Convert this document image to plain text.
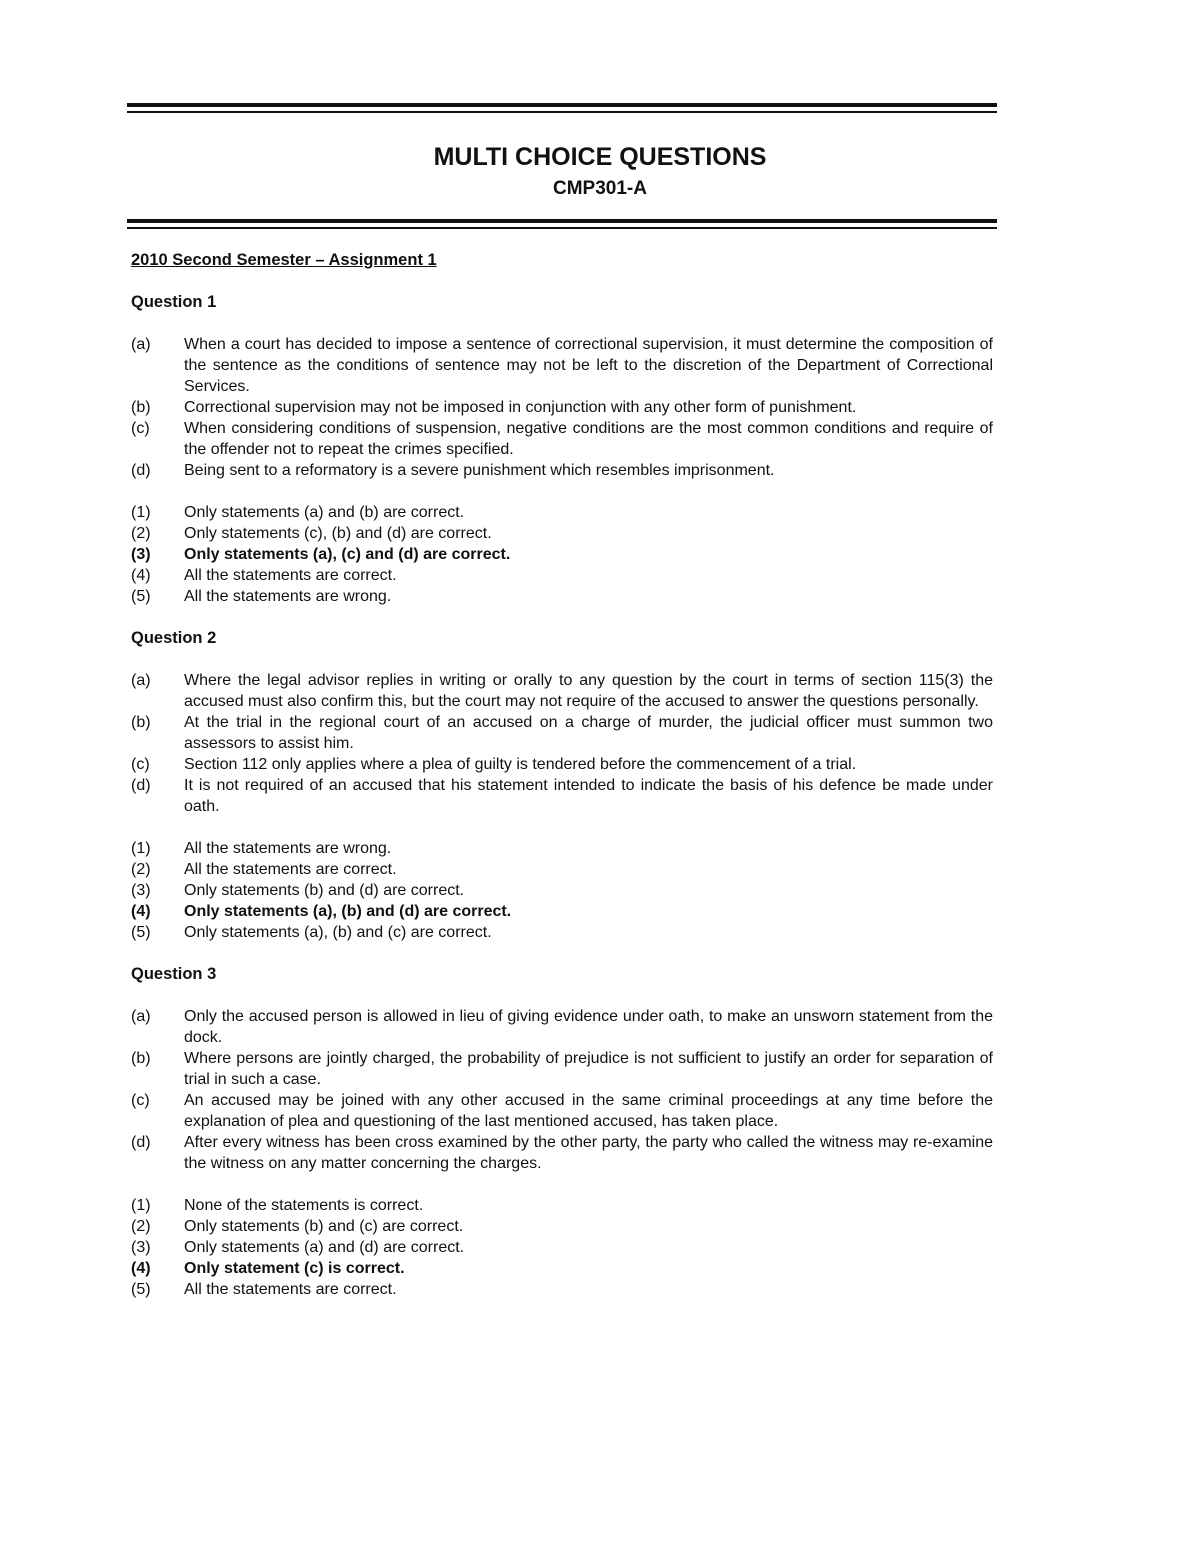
MULTI CHOICE QUESTIONS
CMP301-A

2010 Second Semester – Assignment 1

Question 1

(a)	When a court has decided to impose a sentence of correctional supervision, it must determine the composition of the sentence as the conditions of sentence may not be left to the discretion of the Department of Correctional Services.
(b)	Correctional supervision may not be imposed in conjunction with any other form of punishment.
(c)	When considering conditions of suspension, negative conditions are the most common conditions and require of the offender not to repeat the crimes specified.
(d)	Being sent to a reformatory is a severe punishment which resembles imprisonment.
(1)	Only statements (a) and (b) are correct.
(2)	Only statements (c), (b) and (d) are correct.
(3)	Only statements (a), (c) and (d) are correct.
(4)	All the statements are correct.
(5)	All the statements are wrong.

Question 2

(a)	Where the legal advisor replies in writing or orally to any question by the court in terms of section 115(3) the accused must also confirm this, but the court may not require of the accused to answer the questions personally.
(b)	At the trial in the regional court of an accused on a charge of murder, the judicial officer must summon two assessors to assist him.
(c)	Section 112 only applies where a plea of guilty is tendered before the commencement of a trial.
(d)	It is not required of an accused that his statement intended to indicate the basis of his defence be made under oath.
(1)	All the statements are wrong.
(2)	All the statements are correct.
(3)	Only statements (b) and (d) are correct.
(4)	Only statements (a), (b) and (d) are correct.
(5)	Only statements (a), (b) and (c) are correct.

Question 3

(a)	Only the accused person is allowed in lieu of giving evidence under oath, to make an unsworn statement from the dock.
(b)	Where persons are jointly charged, the probability of prejudice is not sufficient to justify an order for separation of trial in such a case.
(c)	An accused may be joined with any other accused in the same criminal proceedings at any time before the explanation of plea and questioning of the last mentioned accused, has taken place.
(d)	After every witness has been cross examined by the other party, the party who called the witness may re-examine the witness on any matter concerning the charges.
(1)	None of the statements is correct.
(2)	Only statements (b) and (c) are correct.
(3)	Only statements (a) and (d) are correct.
(4)	Only statement (c) is correct.
(5)	All the statements are correct.
